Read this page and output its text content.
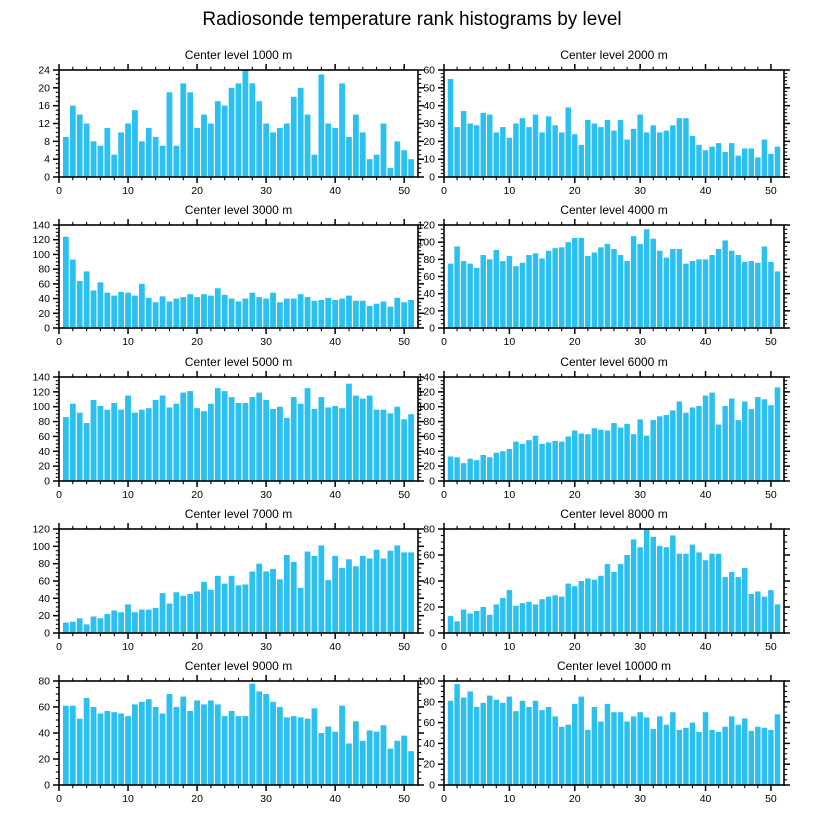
Radiosonde temperature rank histograms by level
Center level 1000 m
0	10	20	30	40	50
0
4
8
12
16
20
24
Center level 2000 m
0	10	20	30	40	50
0
10
20
30
40
50
60
Center level 3000 m
0	10	20	30	40	50
0
20
40
60
80
100
120
140
Center level 4000 m
0	10	20	30	40	50
0
20
40
60
80
100
120
Center level 5000 m
0	10	20	30	40	50
0
20
40
60
80
100
120
140
Center level 6000 m
0	10	20	30	40	50
0
20
40
60
80
100
120
140
Center level 7000 m
0	10	20	30	40	50
0
20
40
60
80
100
120
Center level 8000 m
0	10	20	30	40	50
0
20
40
60
80
Center level 9000 m
0	10	20	30	40	50
0
20
40
60
80
Center level 10000 m
0	10	20	30	40	50
0
20
40
60
80
100
